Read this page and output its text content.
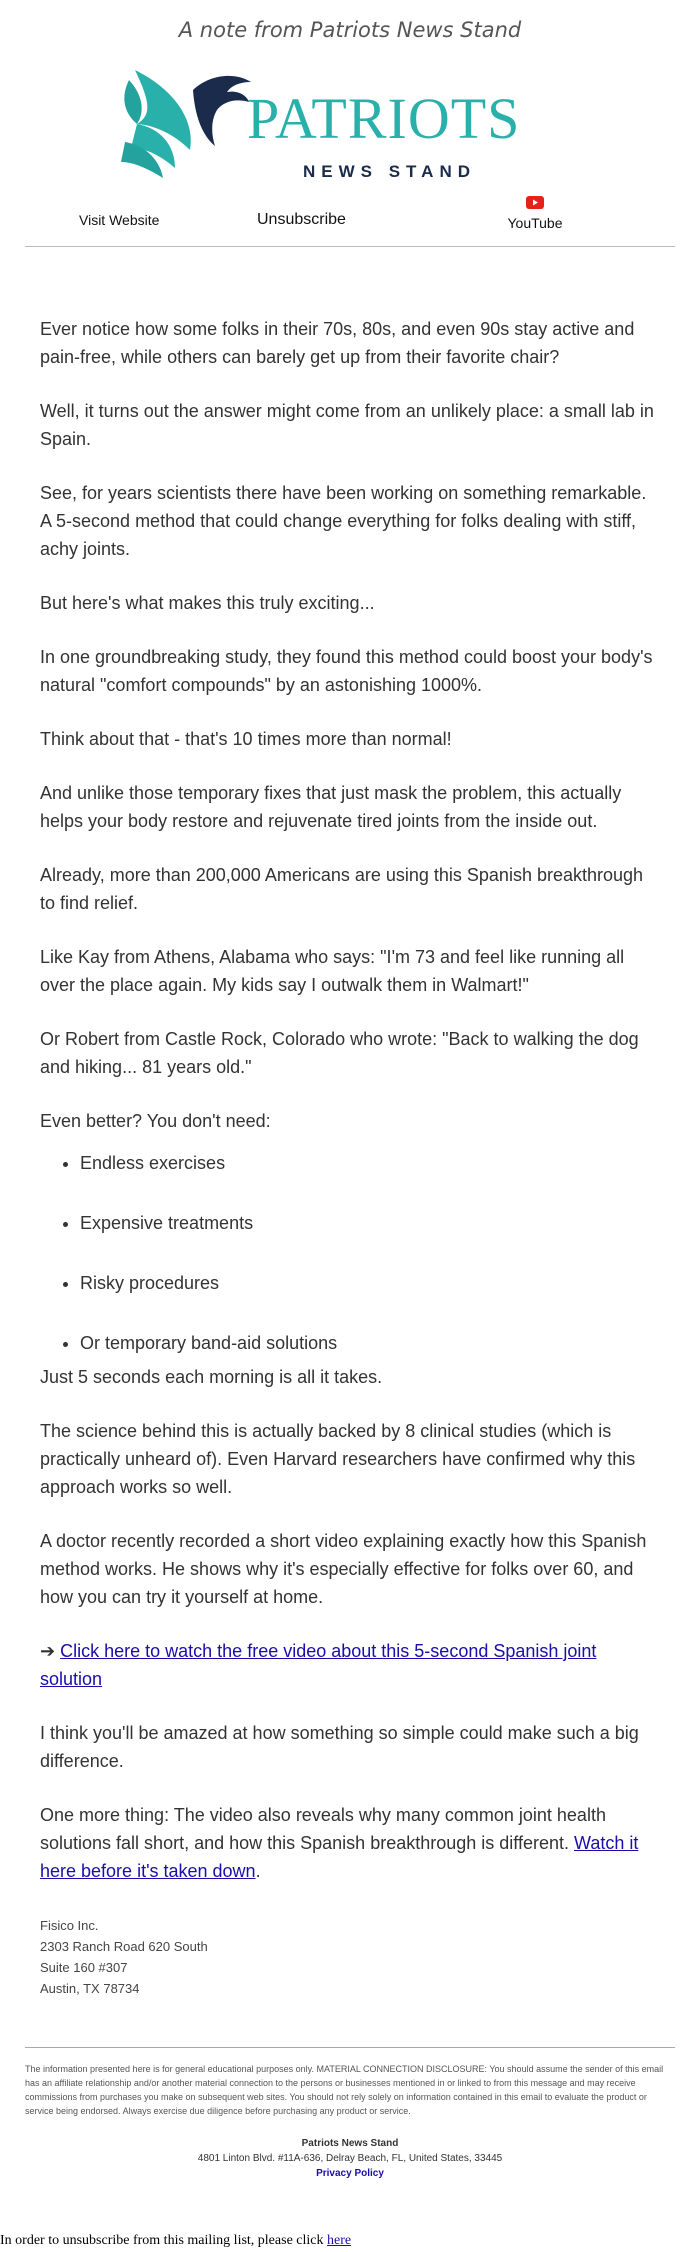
A note from Patriots News Stand
PATRIOTS
NEWS STAND
Visit Website	Unsubscribe	YouTube

Ever notice how some folks in their 70s, 80s, and even 90s stay active and pain-free, while others can barely get up from their favorite chair?

Well, it turns out the answer might come from an unlikely place: a small lab in Spain.

See, for years scientists there have been working on something remarkable. A 5-second method that could change everything for folks dealing with stiff, achy joints.

But here's what makes this truly exciting...

In one groundbreaking study, they found this method could boost your body's natural "comfort compounds" by an astonishing 1000%.

Think about that - that's 10 times more than normal!

And unlike those temporary fixes that just mask the problem, this actually helps your body restore and rejuvenate tired joints from the inside out.

Already, more than 200,000 Americans are using this Spanish breakthrough to find relief.

Like Kay from Athens, Alabama who says: "I'm 73 and feel like running all over the place again. My kids say I outwalk them in Walmart!"

Or Robert from Castle Rock, Colorado who wrote: "Back to walking the dog and hiking... 81 years old."

Even better? You don't need:

• Endless exercises
• Expensive treatments
• Risky procedures
• Or temporary band-aid solutions

Just 5 seconds each morning is all it takes.

The science behind this is actually backed by 8 clinical studies (which is practically unheard of). Even Harvard researchers have confirmed why this approach works so well.

A doctor recently recorded a short video explaining exactly how this Spanish method works. He shows why it's especially effective for folks over 60, and how you can try it yourself at home.

➔ Click here to watch the free video about this 5-second Spanish joint solution

I think you'll be amazed at how something so simple could make such a big difference.

One more thing: The video also reveals why many common joint health solutions fall short, and how this Spanish breakthrough is different. Watch it here before it's taken down.

Fisico Inc.
2303 Ranch Road 620 South
Suite 160 #307
Austin, TX 78734
The information presented here is for general educational purposes only. MATERIAL CONNECTION DISCLOSURE: You should assume the sender of this email has an affiliate relationship and/or another material connection to the persons or businesses mentioned in or linked to from this message and may receive commissions from purchases you make on subsequent web sites. You should not rely solely on information contained in this email to evaluate the product or service being endorsed. Always exercise due diligence before purchasing any product or service.
Patriots News Stand
4801 Linton Blvd. #11A-636, Delray Beach, FL, United States, 33445
Privacy Policy
In order to unsubscribe from this mailing list, please click here
